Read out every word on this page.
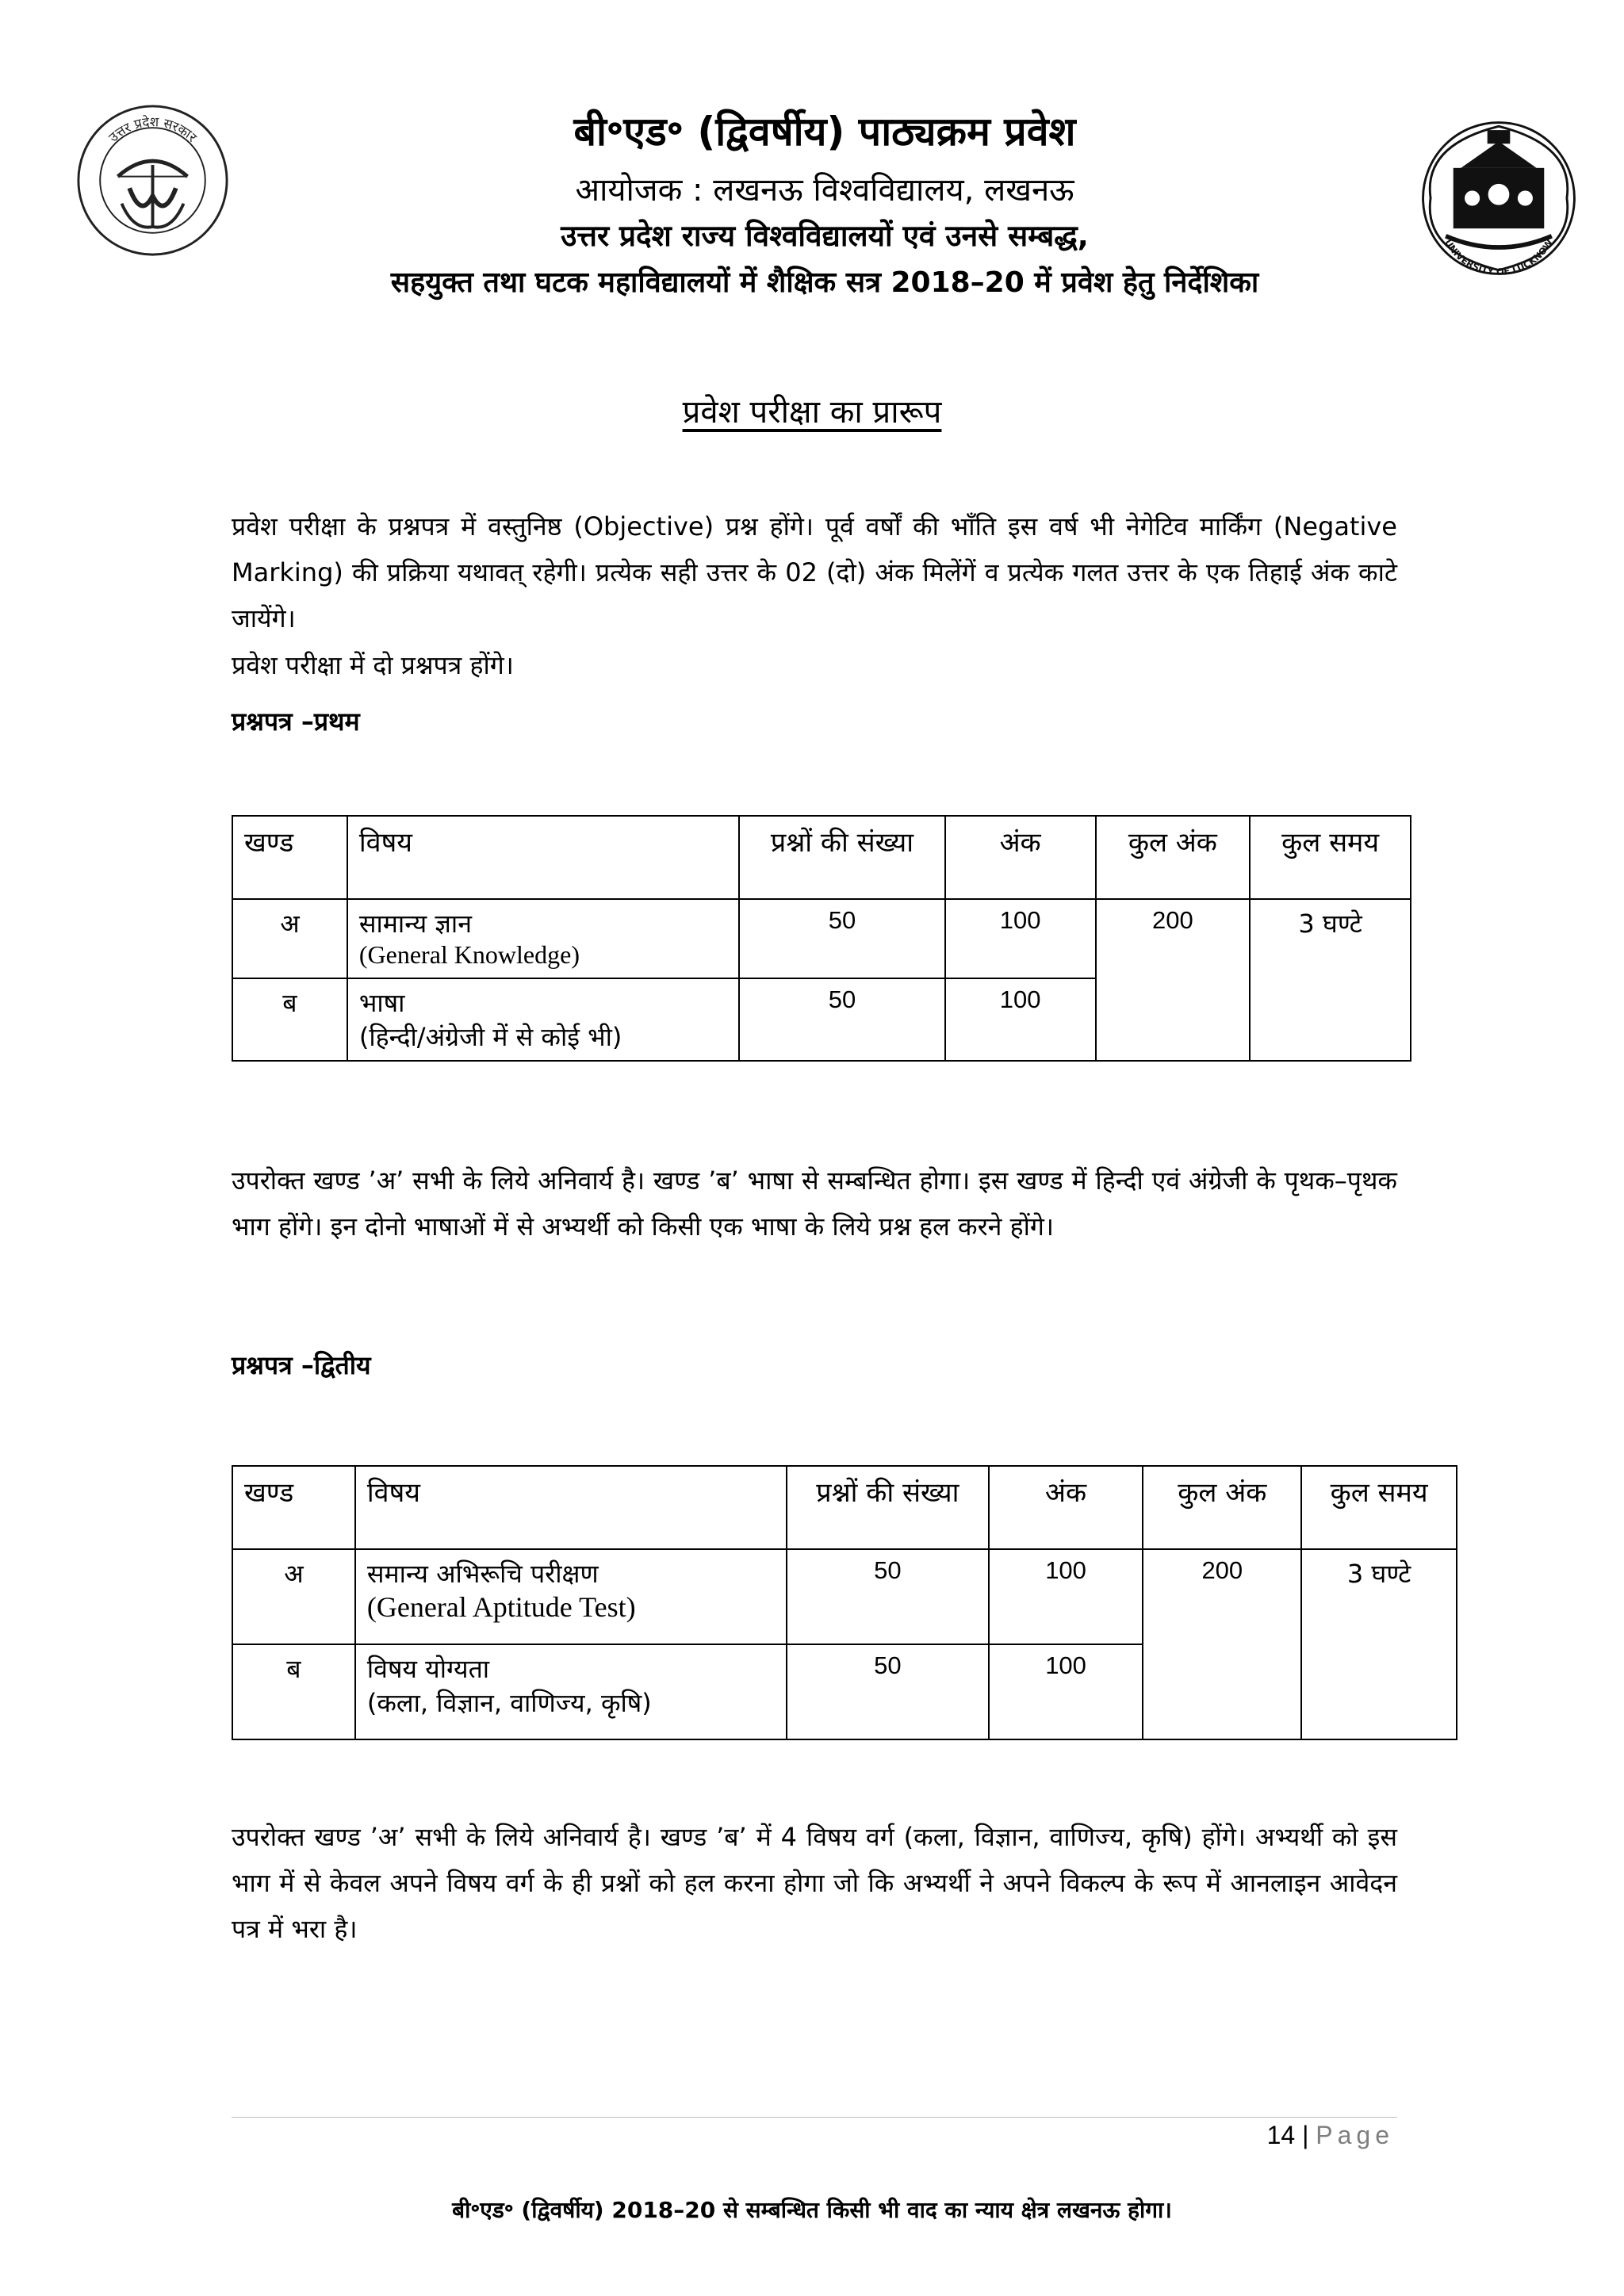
उत्तर प्रदेश सरकार
UNIVERSITY OF LUCKNOW
बी॰एड॰ (द्विवर्षीय) पाठ्यक्रम प्रवेश
आयोजक : लखनऊ विश्वविद्यालय, लखनऊ
उत्तर प्रदेश राज्य विश्वविद्यालयों एवं उनसे सम्बद्ध,
सहयुक्त तथा घटक महाविद्यालयों में शैक्षिक सत्र 2018–20 में प्रवेश हेतु निर्देशिका
प्रवेश परीक्षा का प्रारूप
प्रवेश परीक्षा के प्रश्नपत्र में वस्तुनिष्ठ (Objective) प्रश्न होंगे। पूर्व वर्षों की भाँति इस वर्ष भी नेगेटिव मार्किंग (Negative Marking) की प्रक्रिया यथावत् रहेगी। प्रत्येक सही उत्तर के 02 (दो) अंक मिलेंगें व प्रत्येक गलत उत्तर के एक तिहाई अंक काटे जायेंगे।
प्रवेश परीक्षा में दो प्रश्नपत्र होंगे।
प्रश्नपत्र –प्रथम
खण्ड	विषय	प्रश्नों की संख्या	अंक	कुल अंक	कुल समय
अ	सामान्य ज्ञान
(General Knowledge)	50	100	200	3 घण्टे
ब	भाषा
(हिन्दी/अंग्रेजी में से कोई भी)	50	100		
उपरोक्त खण्ड ’अ’ सभी के लिये अनिवार्य है। खण्ड ’ब’ भाषा से सम्बन्धित होगा। इस खण्ड में हिन्दी एवं अंग्रेजी के पृथक–पृथक भाग होंगे। इन दोनो भाषाओं में से अभ्यर्थी को किसी एक भाषा के लिये प्रश्न हल करने होंगे।
प्रश्नपत्र –द्वितीय
खण्ड	विषय	प्रश्नों की संख्या	अंक	कुल अंक	कुल समय
अ	समान्य अभिरूचि परीक्षण
(General Aptitude Test)	50	100	200	3 घण्टे
ब	विषय योग्यता
(कला, विज्ञान, वाणिज्य, कृषि)	50	100		
उपरोक्त खण्ड ’अ’ सभी के लिये अनिवार्य है। खण्ड ’ब’ में 4 विषय वर्ग (कला, विज्ञान, वाणिज्य, कृषि) होंगे। अभ्यर्थी को इस भाग में से केवल अपने विषय वर्ग के ही प्रश्नों को हल करना होगा जो कि अभ्यर्थी ने अपने विकल्प के रूप में आनलाइन आवेदन पत्र में भरा है।
14 | Page
बी॰एड॰ (द्विवर्षीय) 2018–20 से सम्बन्धित किसी भी वाद का न्याय क्षेत्र लखनऊ होगा।
